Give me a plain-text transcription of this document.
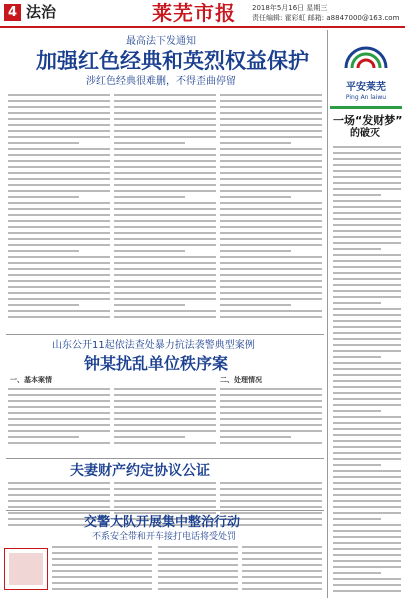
4 法治	莱芜市报 2018年5月16日 星期三
责任编辑: 霍彩虹 邮箱: a8847000@163.com
最高法下发通知
加强红色经典和英烈权益保护
涉红色经典很难删，不得歪曲停留
山东公开11起依法查处暴力抗法袭警典型案例
钟某扰乱单位秩序案
一、基本案情	二、处理情况
夫妻财产约定协议公证
交警大队开展集中整治行动
不系安全带和开车接打电话将受处罚
平安莱芜
Ping An laiwu
一场“发财梦”
的破灭
